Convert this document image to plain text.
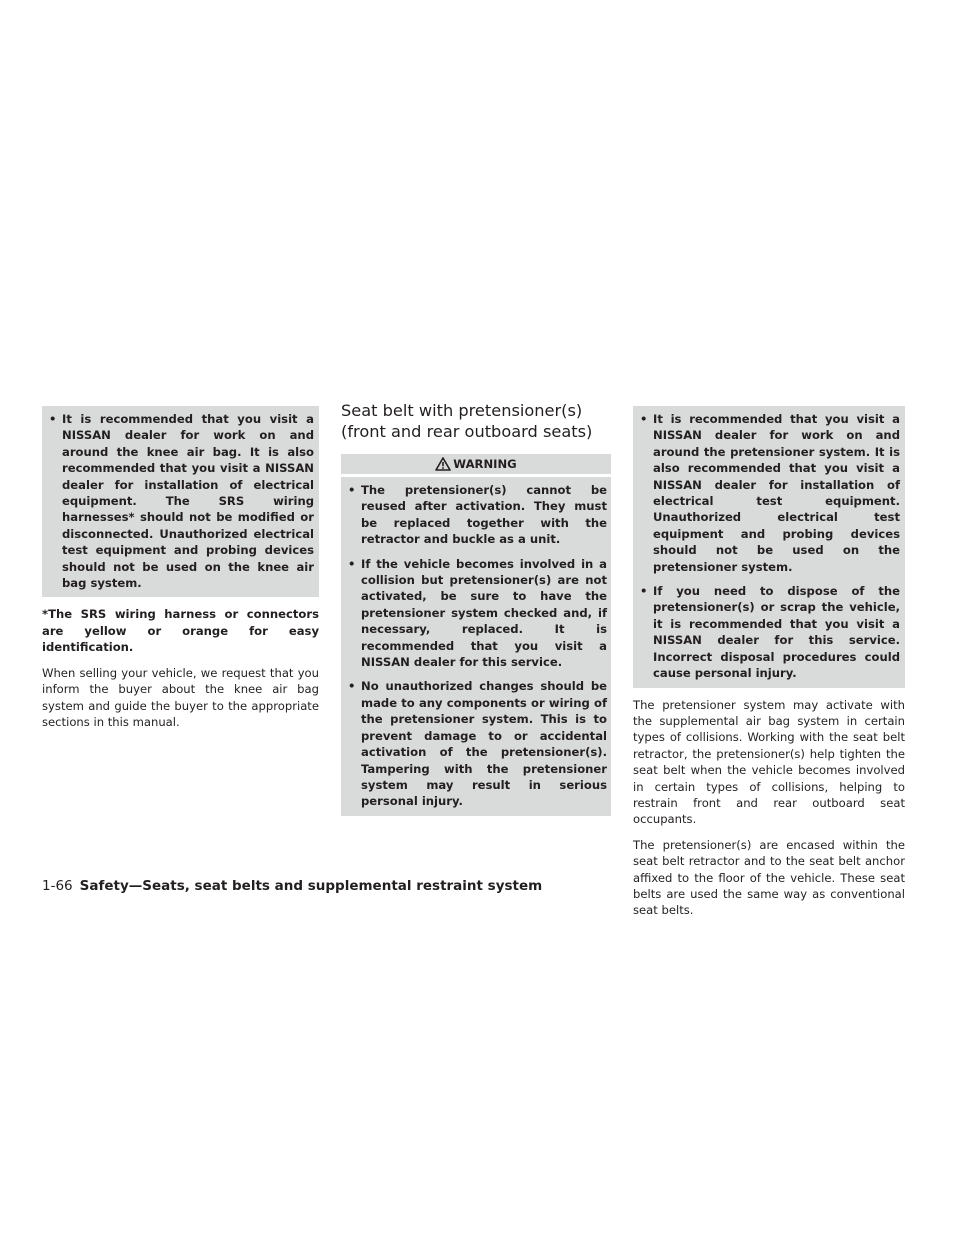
• It is recommended that you visit a NISSAN dealer for work on and around the knee air bag. It is also recommended that you visit a NISSAN dealer for installation of electrical equipment. The SRS wiring harnesses* should not be modified or disconnected. Unauthorized electrical test equipment and probing devices should not be used on the knee air bag system.

*The SRS wiring harness or connectors are yellow or orange for easy identification.

When selling your vehicle, we request that you inform the buyer about the knee air bag system and guide the buyer to the appropriate sections in this manual.

Seat belt with pretensioner(s) (front and rear outboard seats)
WARNING
• The pretensioner(s) cannot be reused after activation. They must be replaced together with the retractor and buckle as a unit.
• If the vehicle becomes involved in a collision but pretensioner(s) are not activated, be sure to have the pretensioner system checked and, if necessary, replaced. It is recommended that you visit a NISSAN dealer for this service.
• No unauthorized changes should be made to any components or wiring of the pretensioner system. This is to prevent damage to or accidental activation of the pretensioner(s). Tampering with the pretensioner system may result in serious personal injury.
• It is recommended that you visit a NISSAN dealer for work on and around the pretensioner system. It is also recommended that you visit a NISSAN dealer for installation of electrical test equipment. Unauthorized electrical test equipment and probing devices should not be used on the pretensioner system.
• If you need to dispose of the pretensioner(s) or scrap the vehicle, it is recommended that you visit a NISSAN dealer for this service. Incorrect disposal procedures could cause personal injury.

The pretensioner system may activate with the supplemental air bag system in certain types of collisions. Working with the seat belt retractor, the pretensioner(s) help tighten the seat belt when the vehicle becomes involved in certain types of collisions, helping to restrain front and rear outboard seat occupants.

The pretensioner(s) are encased within the seat belt retractor and to the seat belt anchor affixed to the floor of the vehicle. These seat belts are used the same way as conventional seat belts.

1-66 Safety—Seats, seat belts and supplemental restraint system
